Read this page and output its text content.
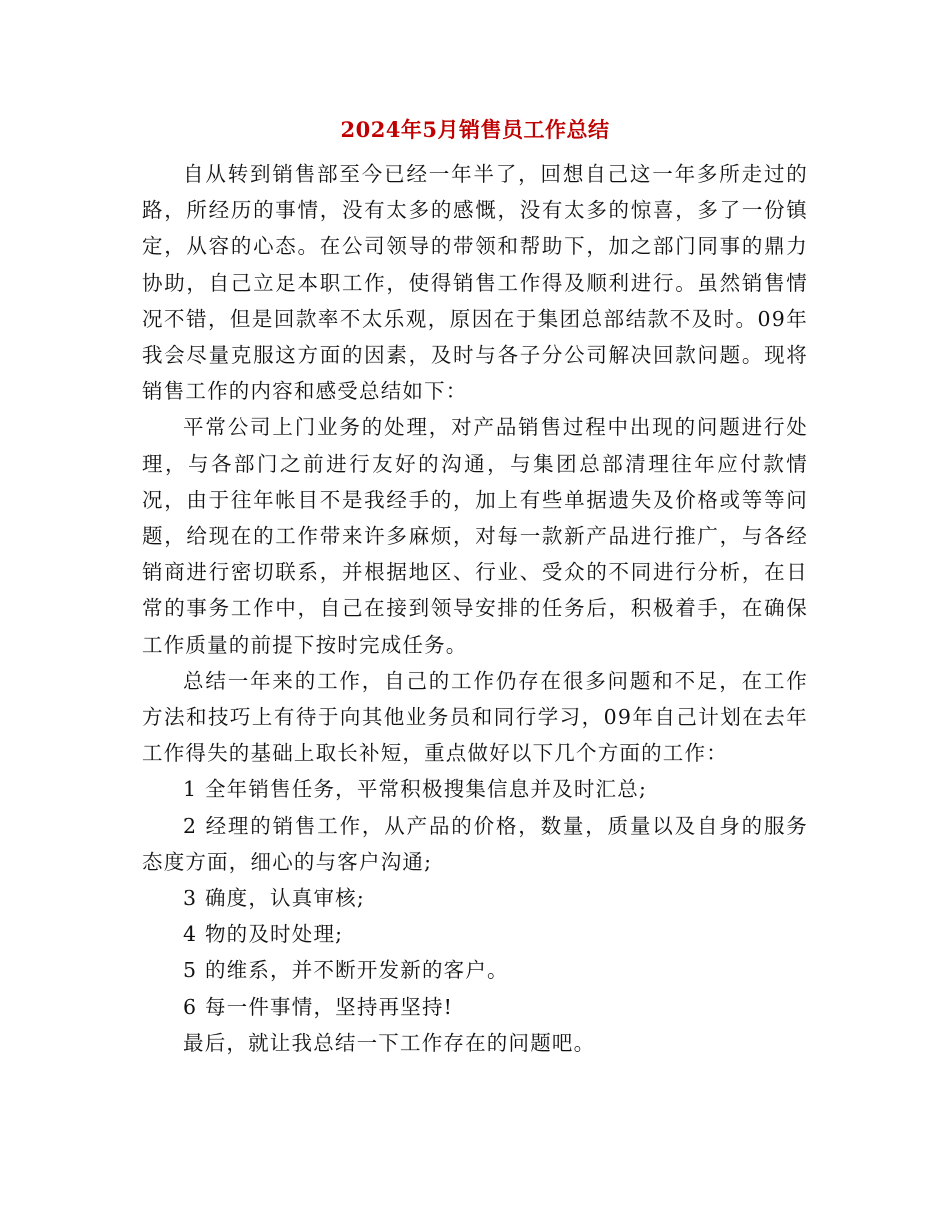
2024年5月销售员工作总结

自从转到销售部至今已经一年半了，回想自己这一年多所走过的路，所经历的事情，没有太多的感慨，没有太多的惊喜，多了一份镇定，从容的心态。在公司领导的带领和帮助下，加之部门同事的鼎力协助，自己立足本职工作，使得销售工作得及顺利进行。虽然销售情况不错，但是回款率不太乐观，原因在于集团总部结款不及时。09年我会尽量克服这方面的因素，及时与各子分公司解决回款问题。现将销售工作的内容和感受总结如下：

平常公司上门业务的处理，对产品销售过程中出现的问题进行处理，与各部门之前进行友好的沟通，与集团总部清理往年应付款情况，由于往年帐目不是我经手的，加上有些单据遗失及价格或等等问题，给现在的工作带来许多麻烦，对每一款新产品进行推广，与各经销商进行密切联系，并根据地区、行业、受众的不同进行分析，在日常的事务工作中，自己在接到领导安排的任务后，积极着手，在确保工作质量的前提下按时完成任务。

总结一年来的工作，自己的工作仍存在很多问题和不足，在工作方法和技巧上有待于向其他业务员和同行学习，09年自己计划在去年工作得失的基础上取长补短，重点做好以下几个方面的工作：

1 全年销售任务，平常积极搜集信息并及时汇总;

2 经理的销售工作，从产品的价格，数量，质量以及自身的服务态度方面，细心的与客户沟通;

3 确度，认真审核;

4 物的及时处理;

5 的维系，并不断开发新的客户。

6 每一件事情，坚持再坚持!

最后，就让我总结一下工作存在的问题吧。
